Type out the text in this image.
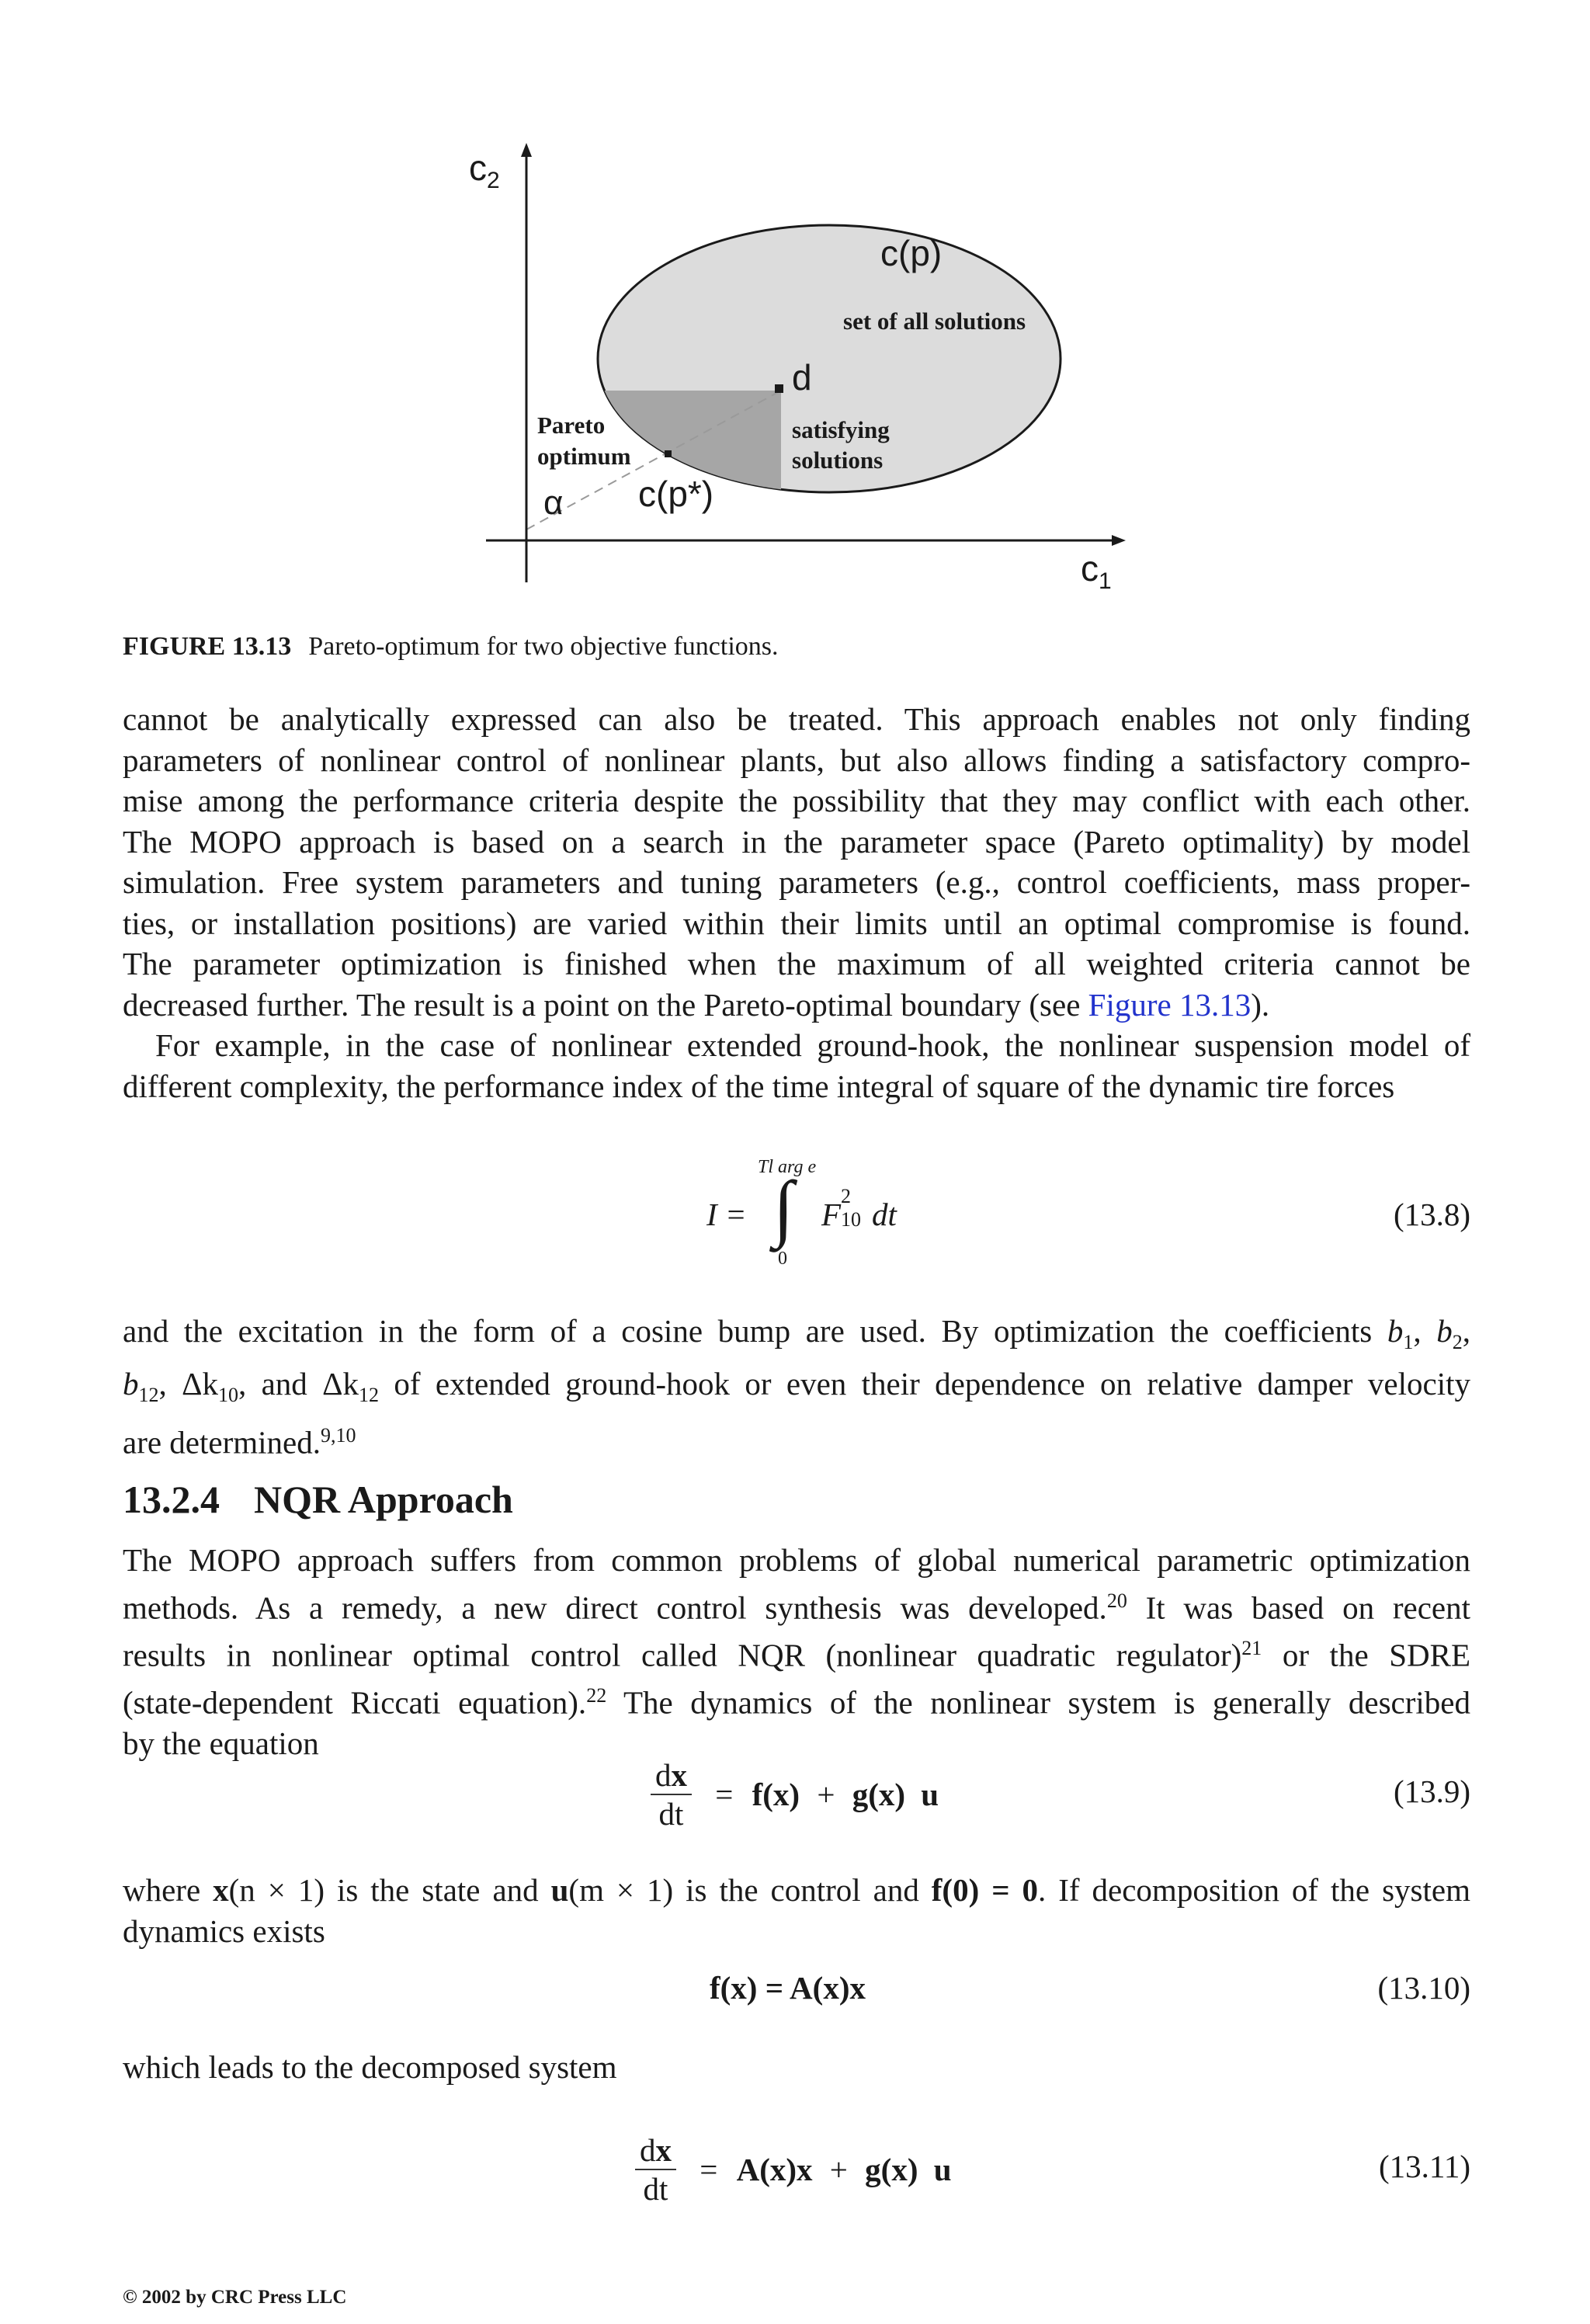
$c_2$
$c_1$
c(p)
set of all solutions
d
Pareto
optimum
satisfying
solutions
α c(p*)
FIGURE 13.13 Pareto-optimum for two objective functions.
cannot be analytically expressed can also be treated. This approach enables not only finding
parameters of nonlinear control of nonlinear plants, but also allows finding a satisfactory compro-
mise among the performance criteria despite the possibility that they may conflict with each other.
The MOPO approach is based on a search in the parameter space (Pareto optimality) by model
simulation. Free system parameters and tuning parameters (e.g., control coefficients, mass proper-
ties, or installation positions) are varied within their limits until an optimal compromise is found.
The parameter optimization is finished when the maximum of all weighted criteria cannot be
decreased further. The result is a point on the Pareto-optimal boundary (see Figure 13.13).
For example, in the case of nonlinear extended ground-hook, the nonlinear suspension model of
different complexity, the performance index of the time integral of square of the dynamic tire forces
I =
Tl arg e
∫
0
F
2
10 dt	(13.8)
and the excitation in the form of a cosine bump are used. By optimization the coefficients $b_1$, $b_2$,
$b_{12}$, $\Delta k_{10}$, and $\Delta k_{12}$ of extended ground-hook or even their dependence on relative damper velocity
are determined.$^{9,10}$
13.2.4 NQR Approach
The MOPO approach suffers from common problems of global numerical parametric optimization
methods. As a remedy, a new direct control synthesis was developed.$^{20}$ It was based on recent
results in nonlinear optimal control called NQR (nonlinear quadratic regulator)$^{21}$ or the SDRE
(state-dependent Riccati equation).$^{22}$ The dynamics of the nonlinear system is generally described
by the equation
$\frac{dx}{dt} = f(x) + g(x)$ u	(13.9)
where x(n × 1) is the state and u(m × 1) is the control and f(0) = 0. If decomposition of the system
dynamics exists
f(x) = A(x)x	(13.10)
which leads to the decomposed system
$\frac{dx}{dt} = A(x)x + g(x)$ u	(13.11)
© 2002 by CRC Press LLC
